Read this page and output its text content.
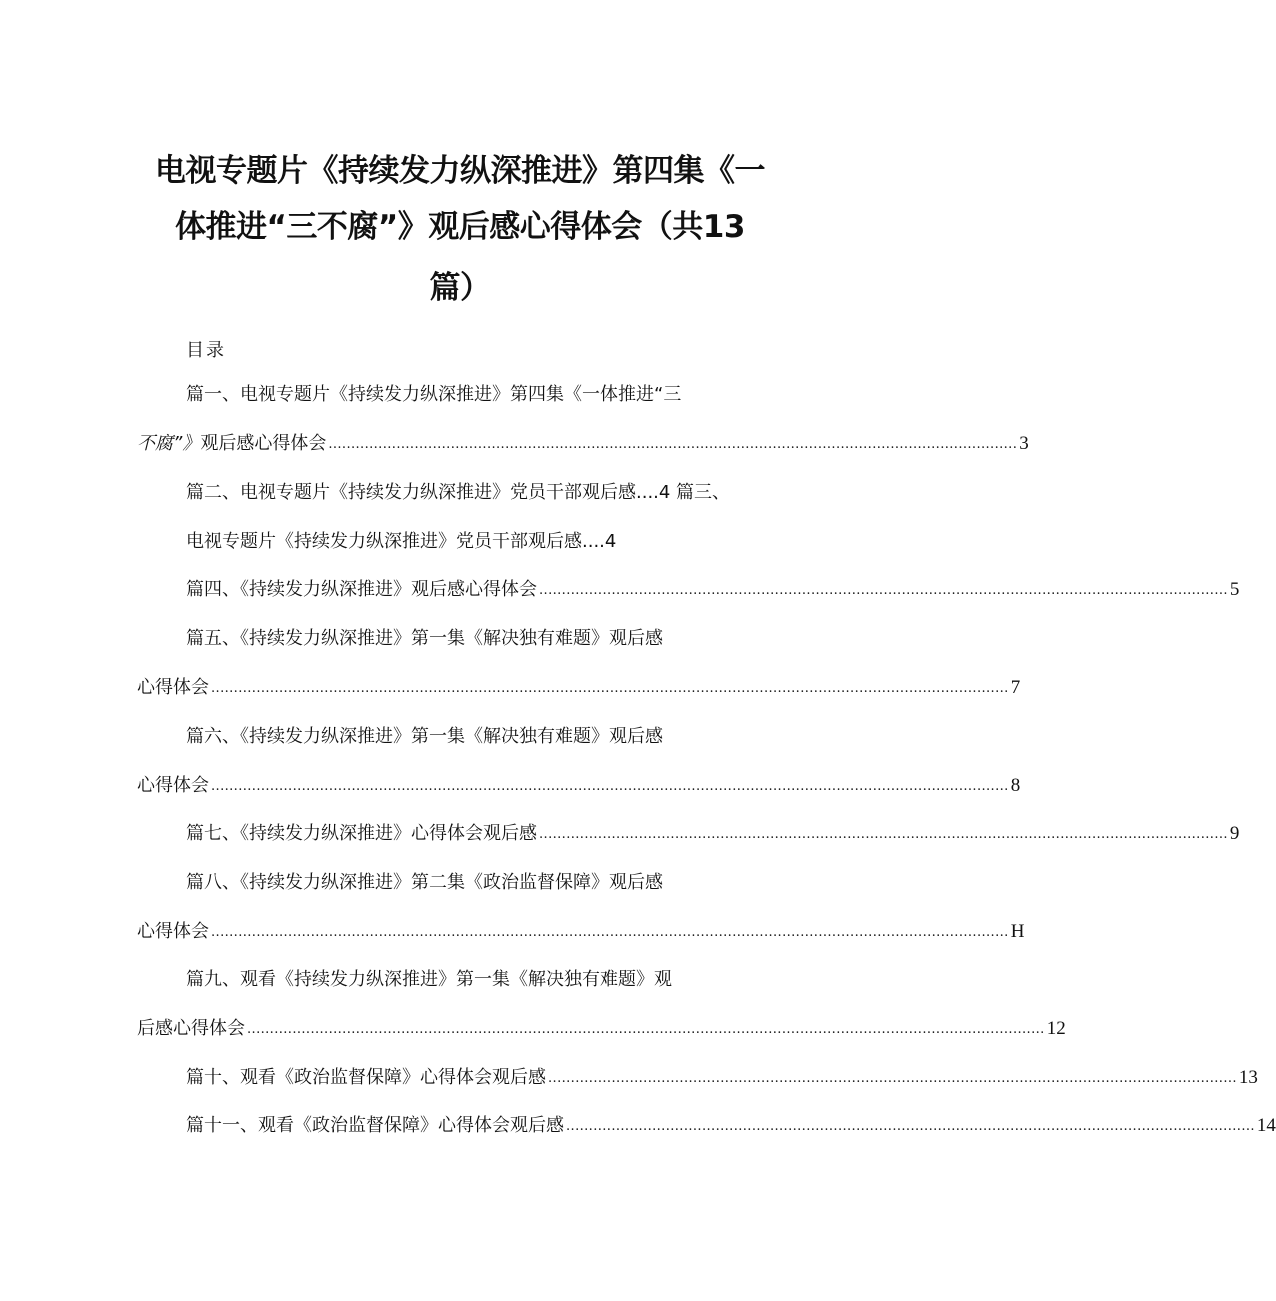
电视专题片《持续发力纵深推进》第四集《一
体推进“三不腐”》观后感心得体会（共13
篇）
目录
篇一、电视专题片《持续发力纵深推进》第四集《一体推进“三
不腐”》 观后感心得体会 ........................................................................................................................................................ 3
篇二、电视专题片《持续发力纵深推进》党员干部观后感....4 篇三、
电视专题片《持续发力纵深推进》党员干部观后感....4
篇四、《持续发力纵深推进》观后感心得体会 ........................................................................................................................................................ 5
篇五、《持续发力纵深推进》第一集《解决独有难题》观后感
心得体会 ................................................................................................................................................................................ 7
篇六、《持续发力纵深推进》第一集《解决独有难题》观后感
心得体会 ................................................................................................................................................................................ 8
篇七、《持续发力纵深推进》心得体会观后感 ........................................................................................................................................................ 9
篇八、《持续发力纵深推进》第二集《政治监督保障》观后感
心得体会 ................................................................................................................................................................................ H
篇九、观看《持续发力纵深推进》第一集《解决独有难题》观
后感心得体会 ................................................................................................................................................................................ 12
篇十、观看《政治监督保障》心得体会观后感 ........................................................................................................................................................ 13
篇十一、观看《政治监督保障》心得体会观后感 ........................................................................................................................................................ 14
